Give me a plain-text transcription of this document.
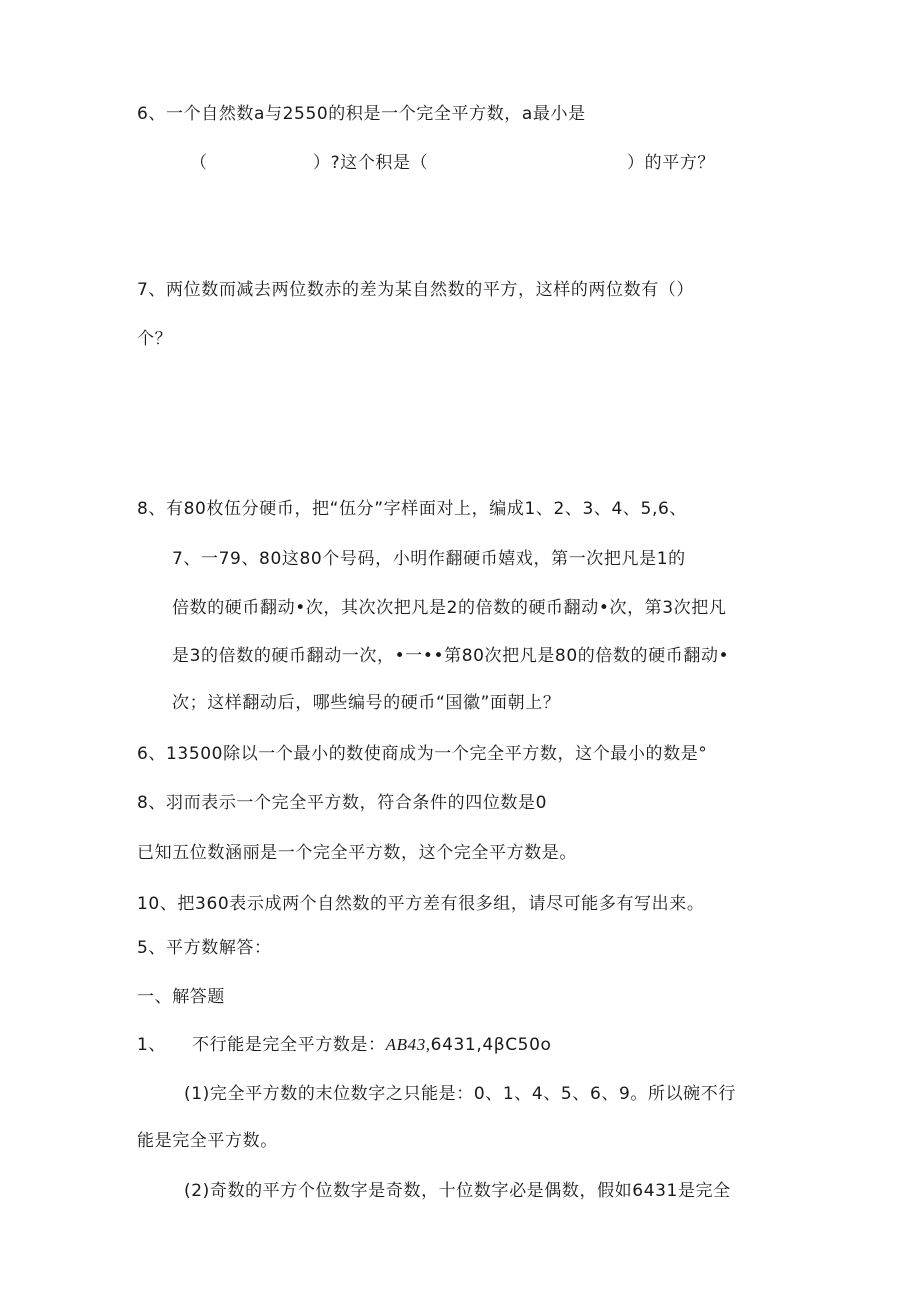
6、一个自然数a与2550的积是一个完全平方数，a最小是
（	）?这个积是（	）的平方？
7、两位数而减去两位数赤的差为某自然数的平方，这样的两位数有（）
个？
8、有80枚伍分硬币，把“伍分”字样面对上，编成1、2、3、4、5,6、
7、一79、80这80个号码，小明作翻硬币嬉戏，第一次把凡是1的
倍数的硬币翻动•次，其次次把凡是2的倍数的硬币翻动•次，第3次把凡
是3的倍数的硬币翻动一次，•一••第80次把凡是80的倍数的硬币翻动•
次；这样翻动后，哪些编号的硬币“国徽”面朝上？
6、13500除以一个最小的数使商成为一个完全平方数，这个最小的数是°
8、羽而表示一个完全平方数，符合条件的四位数是0
已知五位数涵丽是一个完全平方数，这个完全平方数是。
10、把360表示成两个自然数的平方差有很多组，请尽可能多有写出来。
5、平方数解答：
一、解答题
1、 不行能是完全平方数是：AB43,6431,4βC50o
(1)完全平方数的末位数字之只能是：0、1、4、5、6、9。所以碗不行
能是完全平方数。
(2)奇数的平方个位数字是奇数，十位数字必是偶数，假如6431是完全
